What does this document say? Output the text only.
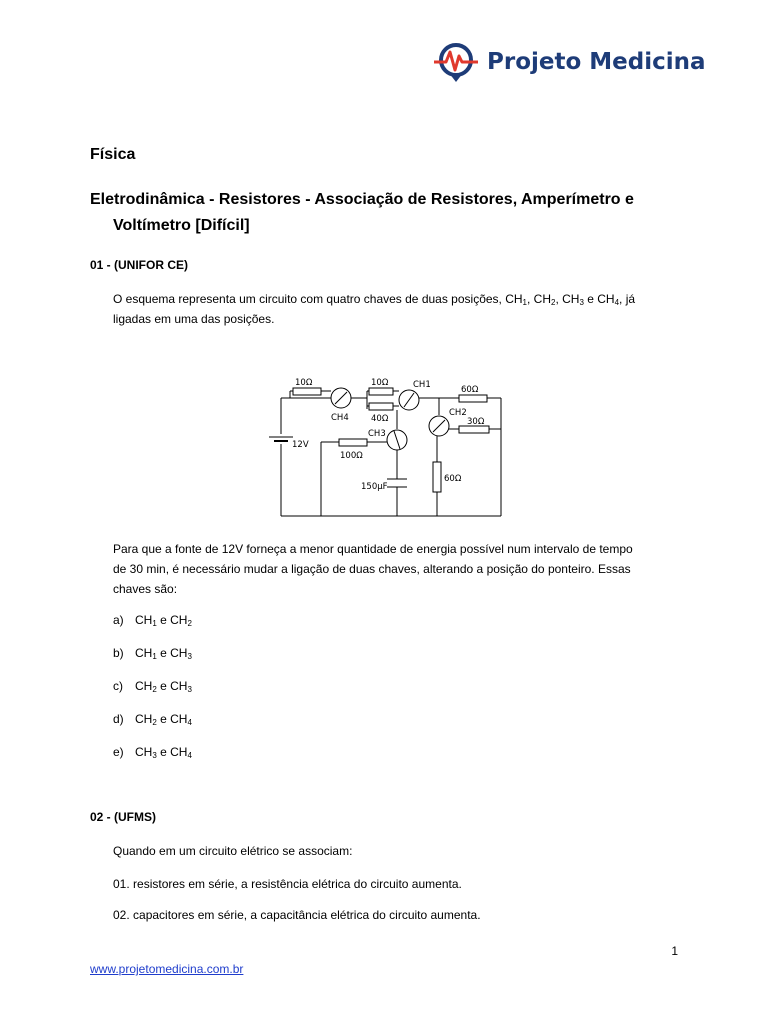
Projeto Medicina
Física
Eletrodinâmica - Resistores - Associação de Resistores, Amperímetro e
Voltímetro [Difícil]
01 - (UNIFOR CE)
O esquema representa um circuito com quatro chaves de duas posições, $CH_1$, $CH_2$, $CH_3$ e $CH_4$, já
ligadas em uma das posições.
10Ω	10Ω
40Ω
60Ω
30Ω
100Ω
60Ω
150μF
12V
CH1
CH2
CH3
CH4
Para que a fonte de 12V forneça a menor quantidade de energia possível num intervalo de tempo
de 30 min, é necessário mudar a ligação de duas chaves, alterando a posição do ponteiro. Essas
chaves são:
a) $CH_1$ e $CH_2$
b) $CH_1$ e $CH_3$
c) $CH_2$ e $CH_3$
d) $CH_2$ e $CH_4$
e) $CH_3$ e $CH_4$
02 - (UFMS)
Quando em um circuito elétrico se associam:
01. resistores em série, a resistência elétrica do circuito aumenta.
02. capacitores em série, a capacitância elétrica do circuito aumenta.
1
www.projetomedicina.com.br
